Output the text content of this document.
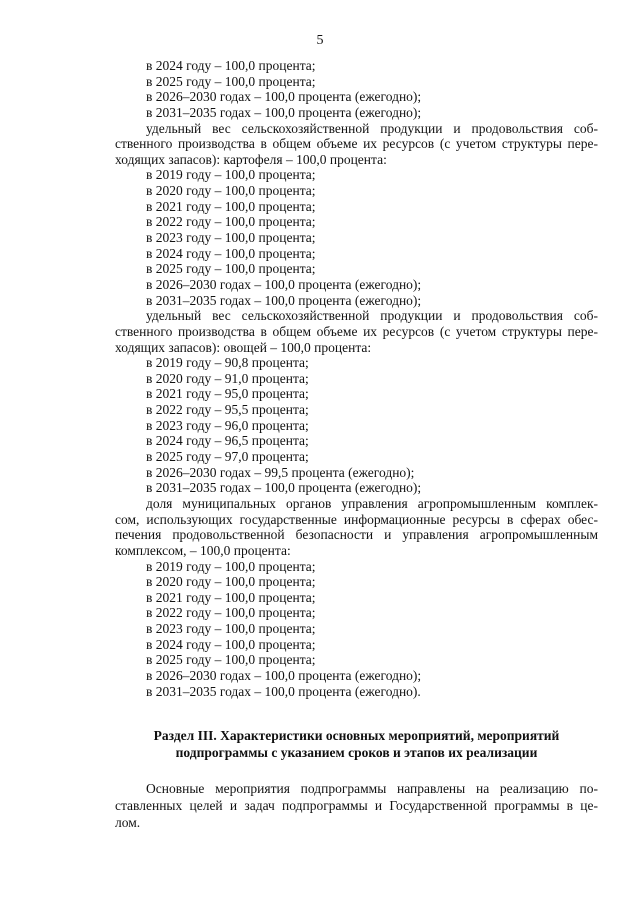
5
в 2024 году – 100,0 процента;
в 2025 году – 100,0 процента;
в 2026–2030 годах – 100,0 процента (ежегодно);
в 2031–2035 годах – 100,0 процента (ежегодно);
удельный вес сельскохозяйственной продукции и продовольствия соб-
ственного производства в общем объеме их ресурсов (с учетом структуры пере-
ходящих запасов): картофеля – 100,0 процента:
в 2019 году – 100,0 процента;
в 2020 году – 100,0 процента;
в 2021 году – 100,0 процента;
в 2022 году – 100,0 процента;
в 2023 году – 100,0 процента;
в 2024 году – 100,0 процента;
в 2025 году – 100,0 процента;
в 2026–2030 годах – 100,0 процента (ежегодно);
в 2031–2035 годах – 100,0 процента (ежегодно);
удельный вес сельскохозяйственной продукции и продовольствия соб-
ственного производства в общем объеме их ресурсов (с учетом структуры пере-
ходящих запасов): овощей – 100,0 процента:
в 2019 году – 90,8 процента;
в 2020 году – 91,0 процента;
в 2021 году – 95,0 процента;
в 2022 году – 95,5 процента;
в 2023 году – 96,0 процента;
в 2024 году – 96,5 процента;
в 2025 году – 97,0 процента;
в 2026–2030 годах – 99,5 процента (ежегодно);
в 2031–2035 годах – 100,0 процента (ежегодно);
доля муниципальных органов управления агропромышленным комплек-
сом, использующих государственные информационные ресурсы в сферах обес-
печения продовольственной безопасности и управления агропромышленным
комплексом, – 100,0 процента:
в 2019 году – 100,0 процента;
в 2020 году – 100,0 процента;
в 2021 году – 100,0 процента;
в 2022 году – 100,0 процента;
в 2023 году – 100,0 процента;
в 2024 году – 100,0 процента;
в 2025 году – 100,0 процента;
в 2026–2030 годах – 100,0 процента (ежегодно);
в 2031–2035 годах – 100,0 процента (ежегодно).
Раздел III. Характеристики основных мероприятий, мероприятий
подпрограммы с указанием сроков и этапов их реализации
Основные мероприятия подпрограммы направлены на реализацию по-
ставленных целей и задач подпрограммы и Государственной программы в це-
лом.
